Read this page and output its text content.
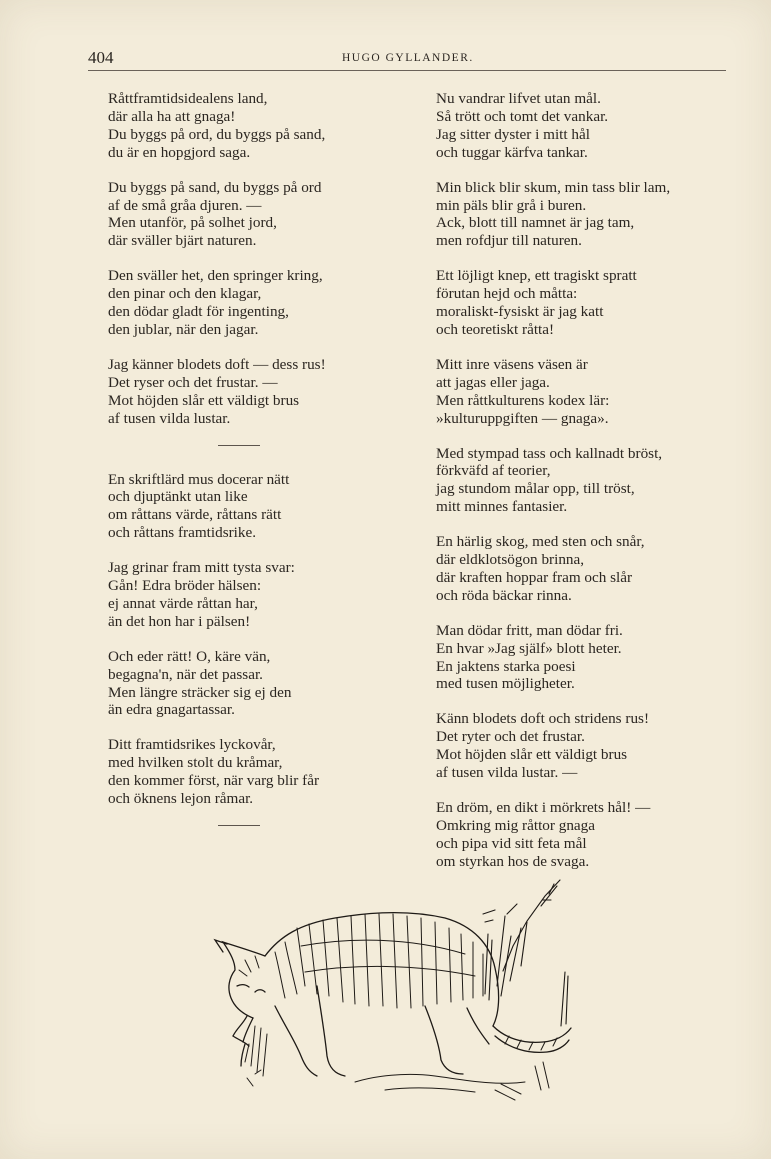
404	HUGO GYLLANDER.
Råttframtidsidealens land,
där alla ha att gnaga!
Du byggs på ord, du byggs på sand,
du är en hopgjord saga.
Du byggs på sand, du byggs på ord
af de små gråa djuren. —
Men utanför, på solhet jord,
där sväller bjärt naturen.
Den sväller het, den springer kring,
den pinar och den klagar,
den dödar gladt för ingenting,
den jublar, när den jagar.
Jag känner blodets doft — dess rus!
Det ryser och det frustar. —
Mot höjden slår ett väldigt brus
af tusen vilda lustar.
En skriftlärd mus docerar nätt
och djuptänkt utan like
om råttans värde, råttans rätt
och råttans framtidsrike.
Jag grinar fram mitt tysta svar:
Gån! Edra bröder hälsen:
ej annat värde råttan har,
än det hon har i pälsen!
Och eder rätt! O, käre vän,
begagna'n, när det passar.
Men längre sträcker sig ej den
än edra gnagartassar.
Ditt framtidsrikes lyckovår,
med hvilken stolt du kråmar,
den kommer först, när varg blir får
och öknens lejon råmar.
Nu vandrar lifvet utan mål.
Så trött och tomt det vankar.
Jag sitter dyster i mitt hål
och tuggar kärfva tankar.
Min blick blir skum, min tass blir lam,
min päls blir grå i buren.
Ack, blott till namnet är jag tam,
men rofdjur till naturen.
Ett löjligt knep, ett tragiskt spratt
förutan hejd och måtta:
moraliskt-fysiskt är jag katt
och teoretiskt råtta!
Mitt inre väsens väsen är
att jagas eller jaga.
Men råttkulturens kodex lär:
»kulturuppgiften — gnaga».
Med stympad tass och kallnadt bröst,
förkväfd af teorier,
jag stundom målar opp, till tröst,
mitt minnes fantasier.
En härlig skog, med sten och snår,
där eldklotsögon brinna,
där kraften hoppar fram och slår
och röda bäckar rinna.
Man dödar fritt, man dödar fri.
En hvar »Jag själf» blott heter.
En jaktens starka poesi
med tusen möjligheter.
Känn blodets doft och stridens rus!
Det ryter och det frustar.
Mot höjden slår ett väldigt brus
af tusen vilda lustar. —
En dröm, en dikt i mörkrets hål! —
Omkring mig råttor gnaga
och pipa vid sitt feta mål
om styrkan hos de svaga.
